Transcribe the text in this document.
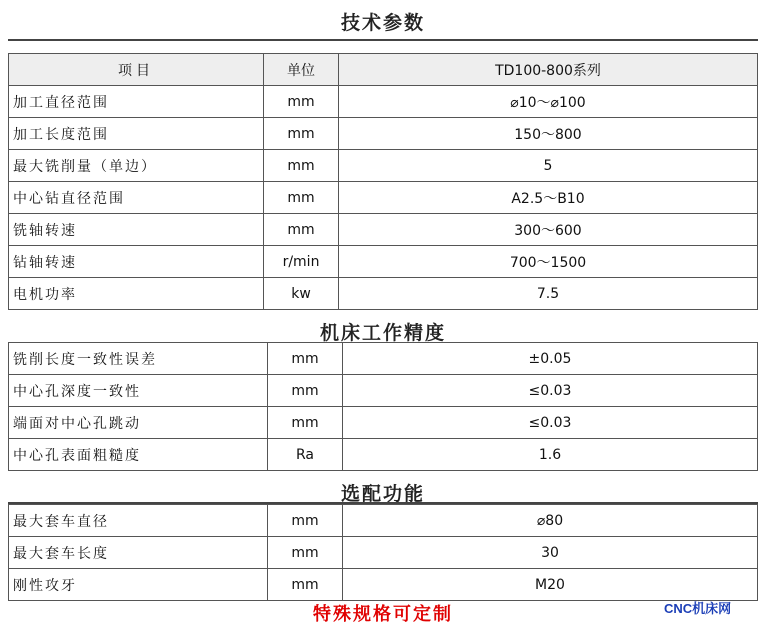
技术参数
项目	单位	TD100-800系列
加工直径范围	mm	⌀10～⌀100
加工长度范围	mm	150～800
最大铣削量（单边）	mm	5
中心钻直径范围	mm	A2.5～B10
铣轴转速	mm	300～600
钻轴转速	r/min	700～1500
电机功率	kw	7.5
机床工作精度
铣削长度一致性误差	mm	±0.05
中心孔深度一致性	mm	≤0.03
端面对中心孔跳动	mm	≤0.03
中心孔表面粗糙度	Ra	1.6
选配功能
最大套车直径	mm	⌀80
最大套车长度	mm	30
刚性攻牙	mm	M20
特殊规格可定制	CNC机床网
